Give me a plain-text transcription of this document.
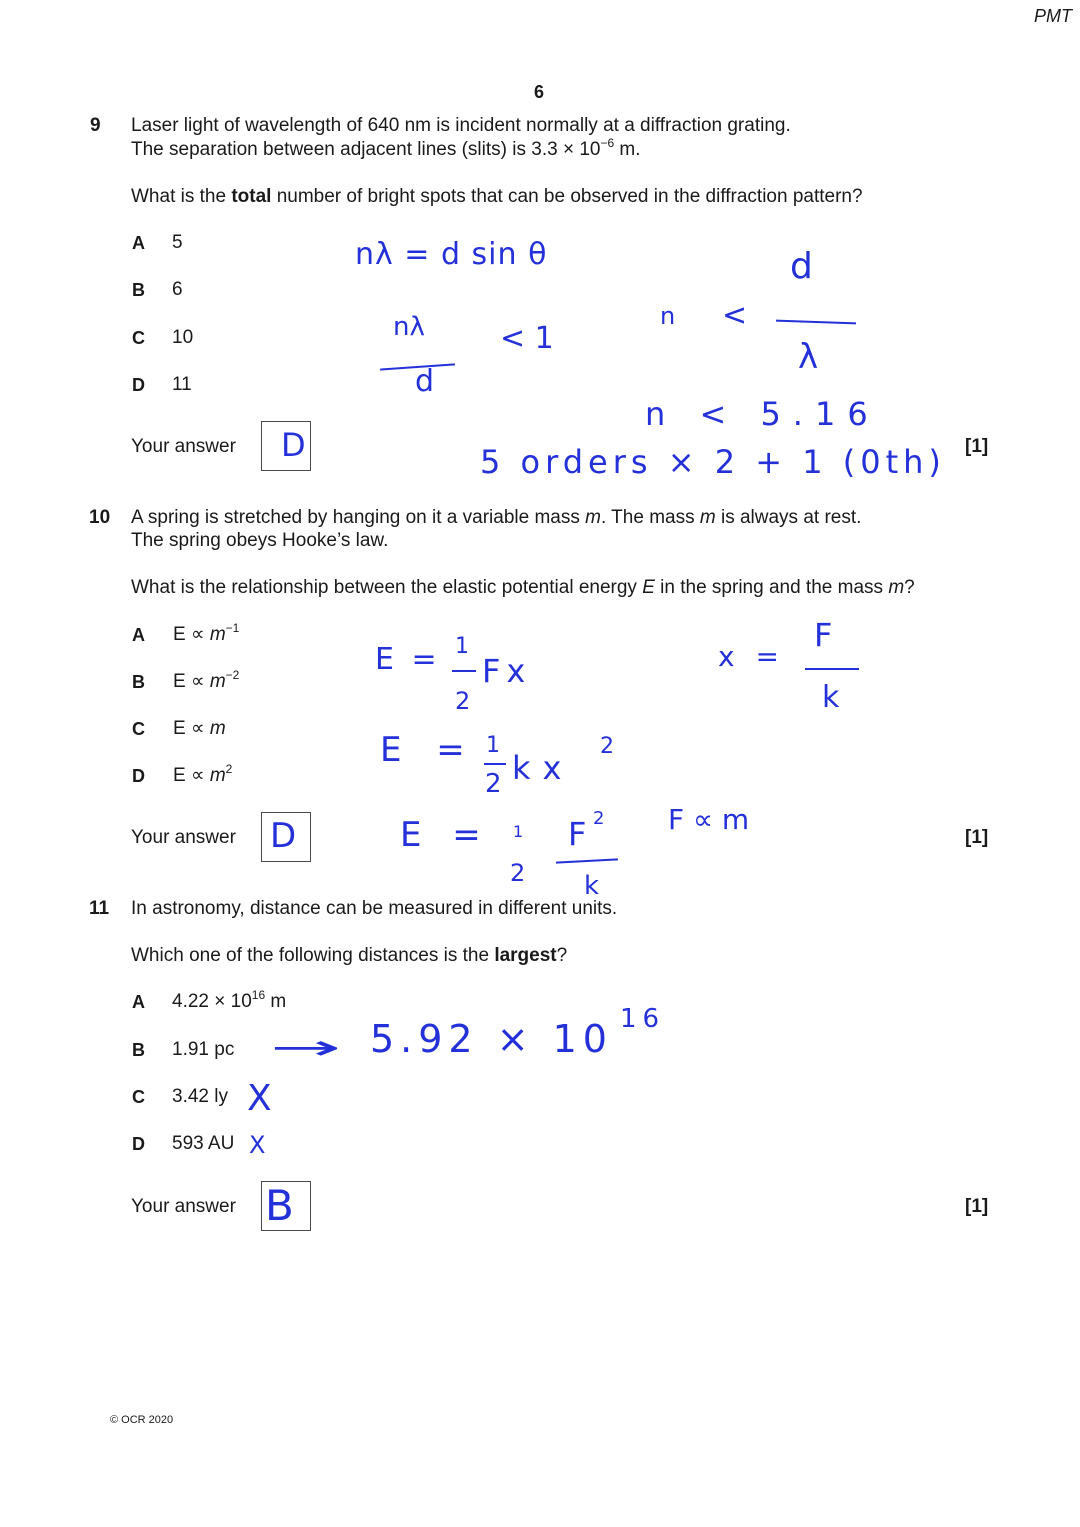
PMT
6
9 Laser light of wavelength of 640 nm is incident normally at a diffraction grating.
The separation between adjacent lines (slits) is $3.3 \times 10^{-6}$ m.
What is the total number of bright spots that can be observed in the diffraction pattern?
A 5
B 6
C 10
D 11
Your answer	[1]
D
nλ = d sin θ
nλ
d
< 1
n <
d
λ
n < 5.16
5 orders × 2 + 1 (0th)
10 A spring is stretched by hanging on it a variable mass m. The mass m is always at rest.
The spring obeys Hooke’s law.
What is the relationship between the elastic potential energy E in the spring and the mass m?
A $E \propto m^{-1}$
B $E \propto m^{-2}$
C E ∝ m
D $E \propto m^2$
Your answer	[1]
D
E = 1
2
Fx	x =
F
k
E = 1
2 kx
2
E = 1
2
F 2
k
F ∝ m
11 In astronomy, distance can be measured in different units.
Which one of the following distances is the largest?
A $4.22 \times 10^{16}$ m
B 1.91 pc
C 3.42 ly
D 593 AU
Your answer	[1]
B
→ 5.92 × 10 16
X
X
© OCR 2020
